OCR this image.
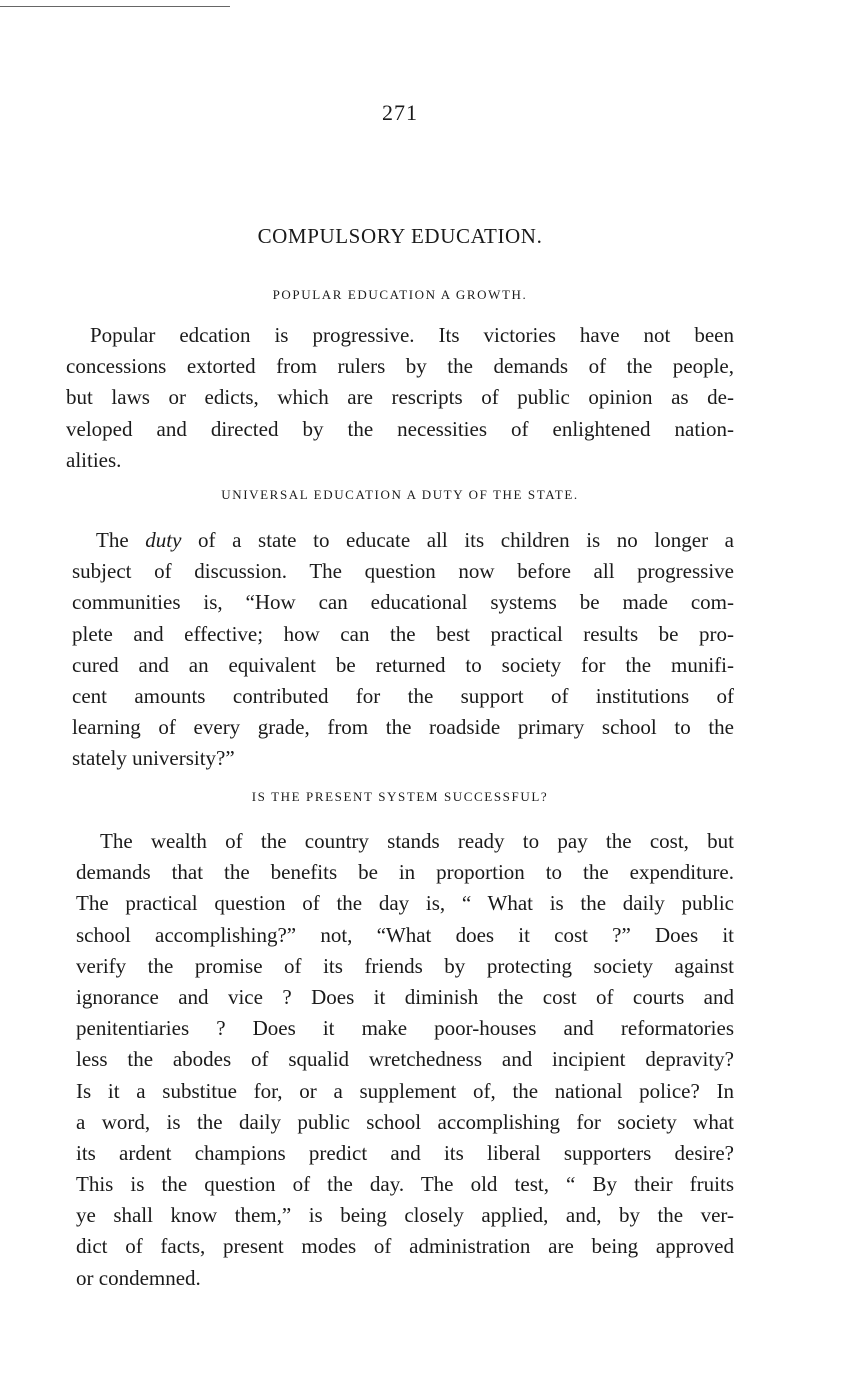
271
COMPULSORY EDUCATION.
POPULAR EDUCATION A GROWTH.
Popular edcation is progressive. Its victories have not been
concessions extorted from rulers by the demands of the people,
but laws or edicts, which are rescripts of public opinion as de-
veloped and directed by the necessities of enlightened nation-
alities.
UNIVERSAL EDUCATION A DUTY OF THE STATE.
The duty of a state to educate all its children is no longer a
subject of discussion. The question now before all progressive
communities is, “How can educational systems be made com-
plete and effective; how can the best practical results be pro-
cured and an equivalent be returned to society for the munifi-
cent amounts contributed for the support of institutions of
learning of every grade, from the roadside primary school to the
stately university?”
IS THE PRESENT SYSTEM SUCCESSFUL?
The wealth of the country stands ready to pay the cost, but
demands that the benefits be in proportion to the expenditure.
The practical question of the day is, “ What is the daily public
school accomplishing?” not, “What does it cost ?” Does it
verify the promise of its friends by protecting society against
ignorance and vice ? Does it diminish the cost of courts and
penitentiaries ? Does it make poor-houses and reformatories
less the abodes of squalid wretchedness and incipient depravity?
Is it a substitue for, or a supplement of, the national police? In
a word, is the daily public school accomplishing for society what
its ardent champions predict and its liberal supporters desire?
This is the question of the day. The old test, “ By their fruits
ye shall know them,” is being closely applied, and, by the ver-
dict of facts, present modes of administration are being approved
or condemned.
